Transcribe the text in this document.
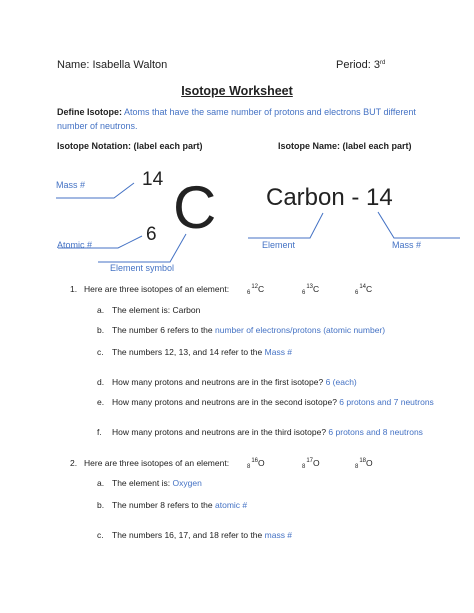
Name: Isabella Walton	Period: 3rd
Isotope Worksheet
Define Isotope: Atoms that have the same number of protons and electrons BUT different
number of neutrons.
Isotope Notation: (label each part)	Isotope Name: (label each part)
Mass #	14 C
6
Atomic #
Element symbol
Carbon - 14
Element	Mass #
1. Here are three isotopes of an element:	$_6^{12}$C	$_6^{13}$C	$_6^{14}$C
a. The element is: Carbon
b. The number 6 refers to the number of electrons/protons (atomic number)
c. The numbers 12, 13, and 14 refer to the Mass #
d. How many protons and neutrons are in the first isotope? 6 (each)
e. How many protons and neutrons are in the second isotope? 6 protons and 7 neutrons
f. How many protons and neutrons are in the third isotope? 6 protons and 8 neutrons
2. Here are three isotopes of an element:	$_8^{16}$O	$_8^{17}$O	$_8^{18}$O
a. The element is: Oxygen
b. The number 8 refers to the atomic #
c. The numbers 16, 17, and 18 refer to the mass #
